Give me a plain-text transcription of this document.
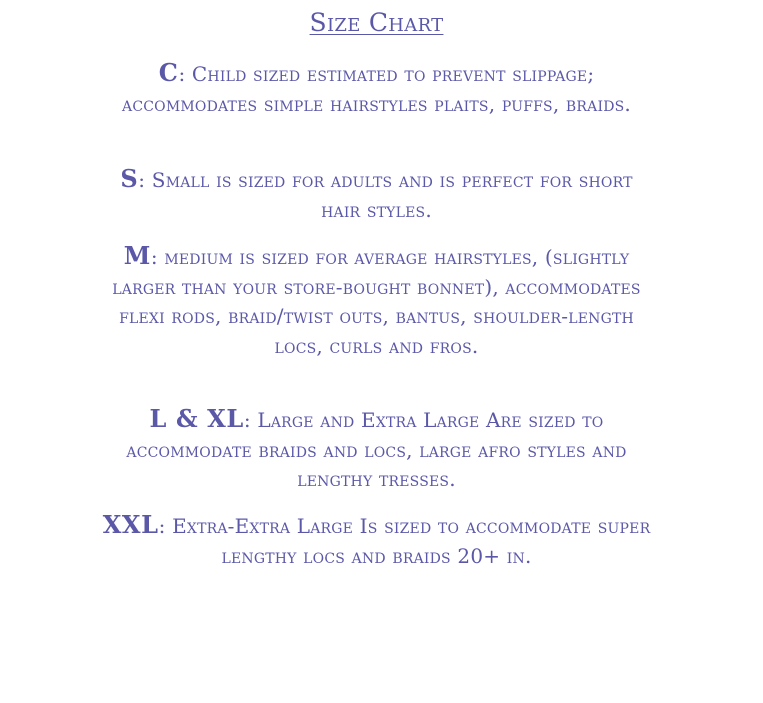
Size Chart
C: Child sized estimated to prevent slippage; accommodates simple hairstyles plaits, puffs, braids.
S: Small is sized for adults and is perfect for short hair styles.
M: medium is sized for average hairstyles, (slightly larger than your store-bought bonnet), accommodates flexi rods, braid/twist outs, bantus, shoulder-length locs, curls and fros.
L & XL: Large and Extra Large Are sized to accommodate braids and locs, large afro styles and lengthy tresses.
XXL: Extra-Extra Large Is sized to accommodate super lengthy locs and braids 20+ in.
